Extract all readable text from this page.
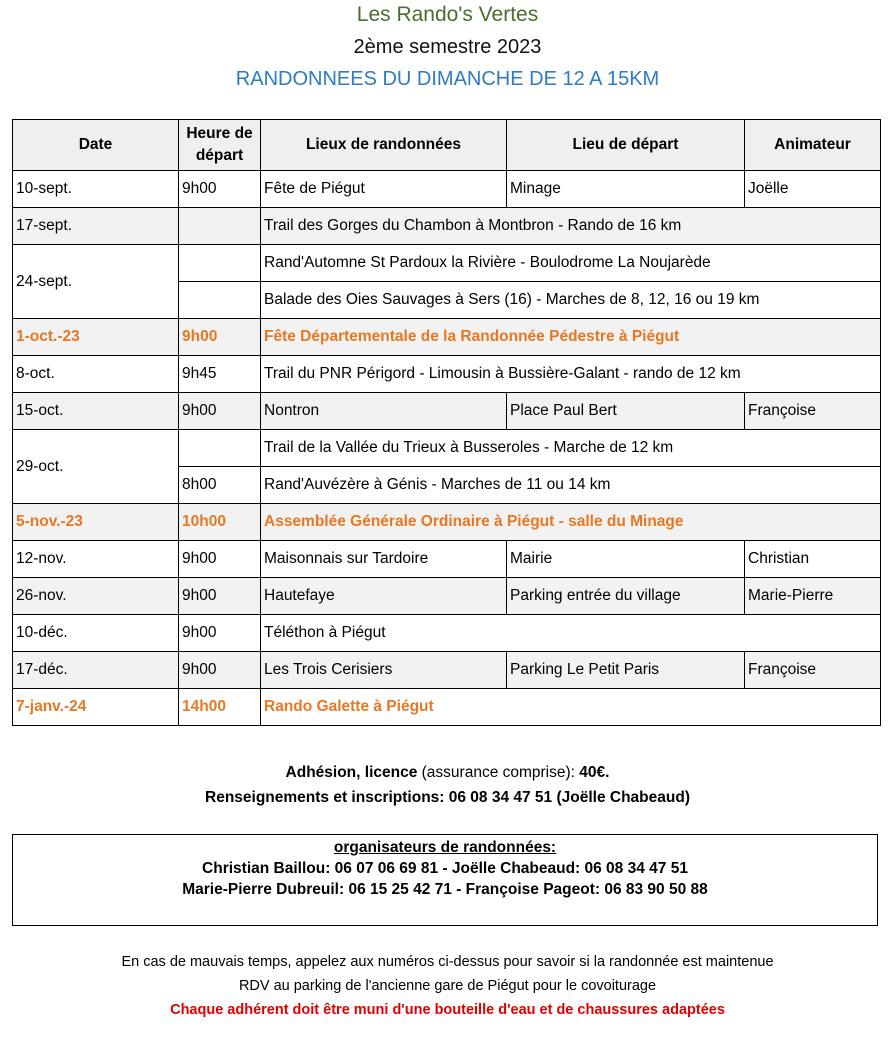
Les Rando's Vertes
2ème semestre 2023
RANDONNEES DU DIMANCHE DE 12 A 15KM
Date	Heure de départ	Lieux de randonnées	Lieu de départ	Animateur
10-sept.	9h00	Fête de Piégut	Minage	Joëlle
17-sept.		Trail des Gorges du Chambon à Montbron - Rando de 16 km		
24-sept.		Rand'Automne St Pardoux la Rivière - Boulodrome La Noujarède		
		Balade des Oies Sauvages à Sers (16) - Marches de 8, 12, 16 ou 19 km		
1-oct.-23	9h00	Fête Départementale de la Randonnée Pédestre à Piégut		
8-oct.	9h45	Trail du PNR Périgord - Limousin à Bussière-Galant - rando de 12 km		
15-oct.	9h00	Nontron	Place Paul Bert	Françoise
29-oct.		Trail de la Vallée du Trieux à Busseroles - Marche de 12 km		
	8h00	Rand'Auvézère à Génis - Marches de 11 ou 14 km		
5-nov.-23	10h00	Assemblée Générale Ordinaire à Piégut - salle du Minage		
12-nov.	9h00	Maisonnais sur Tardoire	Mairie	Christian
26-nov.	9h00	Hautefaye	Parking entrée du village	Marie-Pierre
10-déc.	9h00	Téléthon à Piégut		
17-déc.	9h00	Les Trois Cerisiers	Parking Le Petit Paris	Françoise
7-janv.-24	14h00	Rando Galette à Piégut		
Adhésion, licence (assurance comprise): 40€.
Renseignements et inscriptions: 06 08 34 47 51 (Joëlle Chabeaud)
organisateurs de randonnées:
Christian Baillou: 06 07 06 69 81 - Joëlle Chabeaud: 06 08 34 47 51
Marie-Pierre Dubreuil: 06 15 25 42 71 - Françoise Pageot: 06 83 90 50 88
En cas de mauvais temps, appelez aux numéros ci-dessus pour savoir si la randonnée est maintenue
RDV au parking de l'ancienne gare de Piégut pour le covoiturage
Chaque adhérent doit être muni d'une bouteille d'eau et de chaussures adaptées
